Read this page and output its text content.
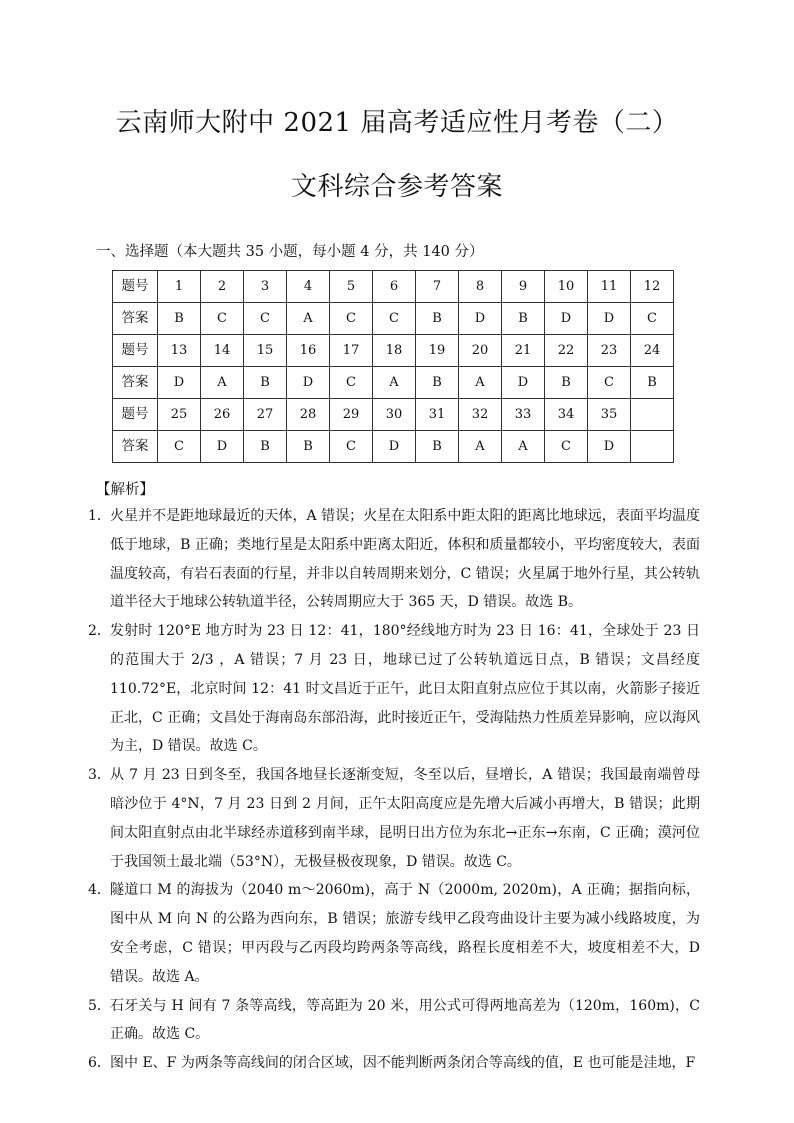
云南师大附中 2021 届高考适应性月考卷（二）
文科综合参考答案
一、选择题（本大题共 35 小题，每小题 4 分，共 140 分）
题号	1	2	3	4	5	6	7	8	9	10	11	12
答案	B	C	C	A	C	C	B	D	B	D	D	C
题号	13	14	15	16	17	18	19	20	21	22	23	24
答案	D	A	B	D	C	A	B	A	D	B	C	B
题号	25	26	27	28	29	30	31	32	33	34	35	
答案	C	D	B	B	C	D	B	A	A	C	D	
【解析】
1． 火星并不是距地球最近的天体，A 错误；火星在太阳系中距太阳的距离比地球远，表面平均温度低于地球，B 正确；类地行星是太阳系中距离太阳近，体积和质量都较小，平均密度较大，表面温度较高，有岩石表面的行星，并非以自转周期来划分，C 错误；火星属于地外行星，其公转轨道半径大于地球公转轨道半径，公转周期应大于 365 天，D 错误。故选 B。
2． 发射时 120°E 地方时为 23 日 12：41，180°经线地方时为 23 日 16：41，全球处于 23 日的范围大于 2/3 ，A 错误；7 月 23 日，地球已过了公转轨道远日点，B 错误；文昌经度 110.72°E，北京时间 12：41 时文昌近于正午，此日太阳直射点应位于其以南，火箭影子接近正北，C 正确；文昌处于海南岛东部沿海，此时接近正午，受海陆热力性质差异影响，应以海风为主，D 错误。故选 C。
3． 从 7 月 23 日到冬至，我国各地昼长逐渐变短，冬至以后，昼增长，A 错误；我国最南端曾母暗沙位于 4°N，7 月 23 日到 2 月间，正午太阳高度应是先增大后减小再增大，B 错误；此期间太阳直射点由北半球经赤道移到南半球，昆明日出方位为东北→正东→东南，C 正确；漠河位于我国领土最北端（53°N），无极昼极夜现象，D 错误。故选 C。
4． 隧道口 M 的海拔为（2040 m～2060m)，高于 N（2000m, 2020m)，A 正确；据指向标，图中从 M 向 N 的公路为西向东，B 错误；旅游专线甲乙段弯曲设计主要为减小线路坡度，为安全考虑，C 错误；甲丙段与乙丙段均跨两条等高线，路程长度相差不大，坡度相差不大，D 错误。故选 A。
5． 石牙关与 H 间有 7 条等高线，等高距为 20 米，用公式可得两地高差为（120m，160m)，C 正确。故选 C。
6． 图中 E、F 为两条等高线间的闭合区域，因不能判断两条闭合等高线的值，E 也可能是洼地，F
